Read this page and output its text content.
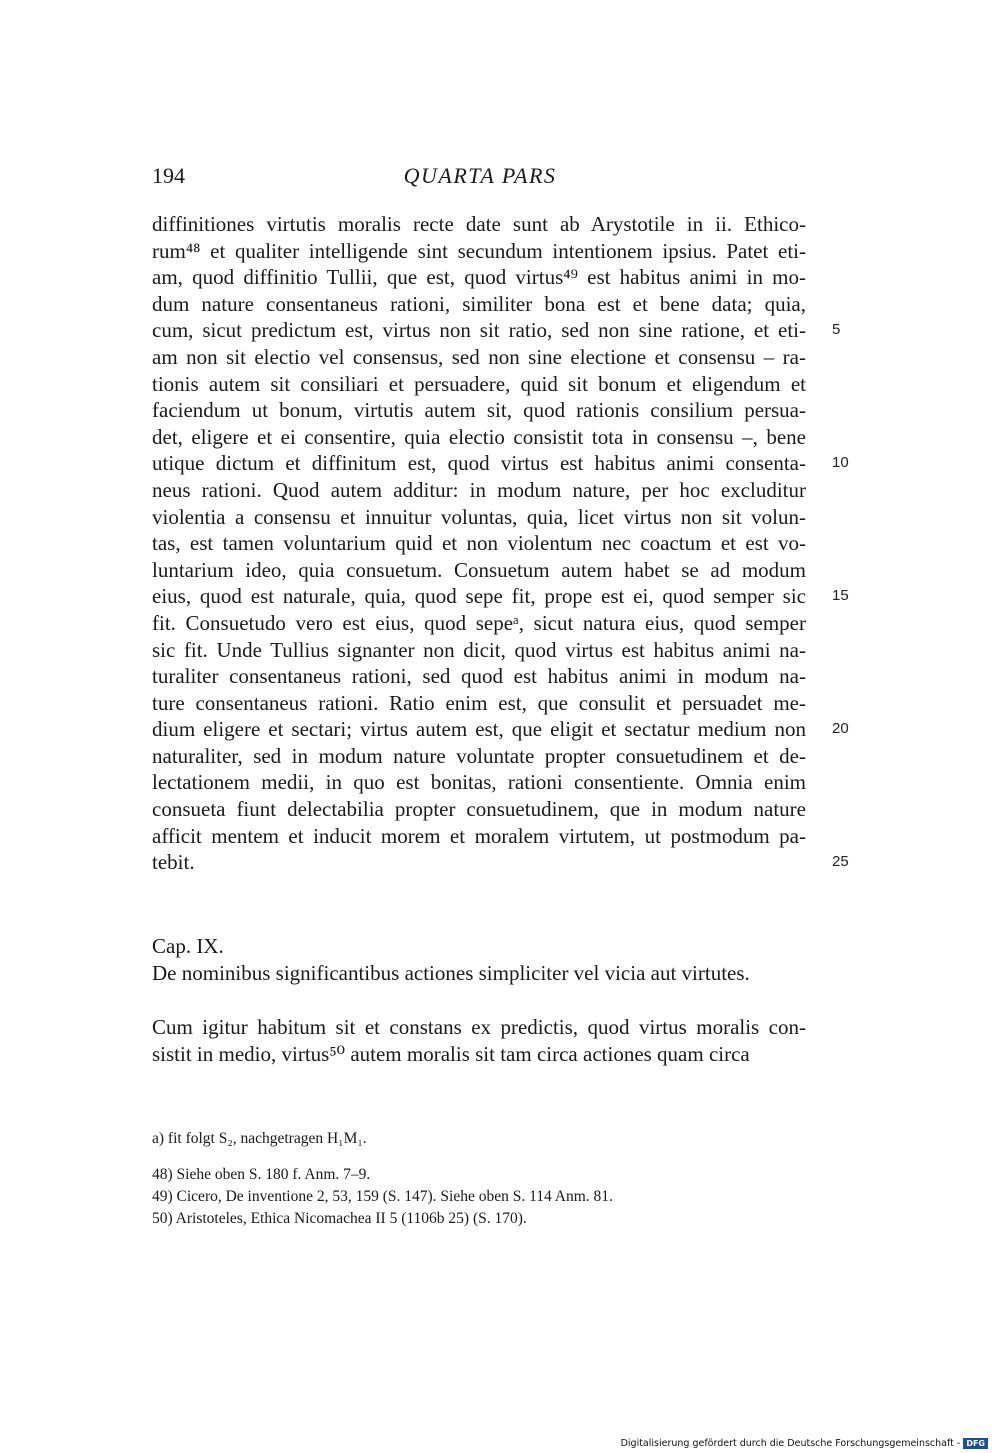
194	QUARTA PARS
diffinitiones virtutis moralis recte date sunt ab Arystotile in ii. Ethico-
rum⁴⁸ et qualiter intelligende sint secundum intentionem ipsius. Patet eti-
am, quod diffinitio Tullii, que est, quod virtus⁴⁹ est habitus animi in mo-
dum nature consentaneus rationi, similiter bona est et bene data; quia,
cum, sicut predictum est, virtus non sit ratio, sed non sine ratione, et eti-
am non sit electio vel consensus, sed non sine electione et consensu – ra-
tionis autem sit consiliari et persuadere, quid sit bonum et eligendum et
faciendum ut bonum, virtutis autem sit, quod rationis consilium persua-
det, eligere et ei consentire, quia electio consistit tota in consensu –, bene
utique dictum et diffinitum est, quod virtus est habitus animi consenta-
neus rationi. Quod autem additur: in modum nature, per hoc excluditur
violentia a consensu et innuitur voluntas, quia, licet virtus non sit volun-
tas, est tamen voluntarium quid et non violentum nec coactum et est vo-
luntarium ideo, quia consuetum. Consuetum autem habet se ad modum
eius, quod est naturale, quia, quod sepe fit, prope est ei, quod semper sic
fit. Consuetudo vero est eius, quod sepeᵃ, sicut natura eius, quod semper
sic fit. Unde Tullius signanter non dicit, quod virtus est habitus animi na-
turaliter consentaneus rationi, sed quod est habitus animi in modum na-
ture consentaneus rationi. Ratio enim est, que consulit et persuadet me-
dium eligere et sectari; virtus autem est, que eligit et sectatur medium non
naturaliter, sed in modum nature voluntate propter consuetudinem et de-
lectationem medii, in quo est bonitas, rationi consentiente. Omnia enim
consueta fiunt delectabilia propter consuetudinem, que in modum nature
afficit mentem et inducit morem et moralem virtutem, ut postmodum pa-
tebit.
5
10
15
20
25
Cap. IX.
De nominibus significantibus actiones simpliciter vel vicia aut virtutes.
Cum igitur habitum sit et constans ex predictis, quod virtus moralis con-
sistit in medio, virtus⁵⁰ autem moralis sit tam circa actiones quam circa
a) fit folgt S₂, nachgetragen H₁M₁.
48) Siehe oben S. 180 f. Anm. 7–9.
49) Cicero, De inventione 2, 53, 159 (S. 147). Siehe oben S. 114 Anm. 81.
50) Aristoteles, Ethica Nicomachea II 5 (1106b 25) (S. 170).
Digitalisierung gefördert durch die Deutsche Forschungsgemeinschaft - DFG
